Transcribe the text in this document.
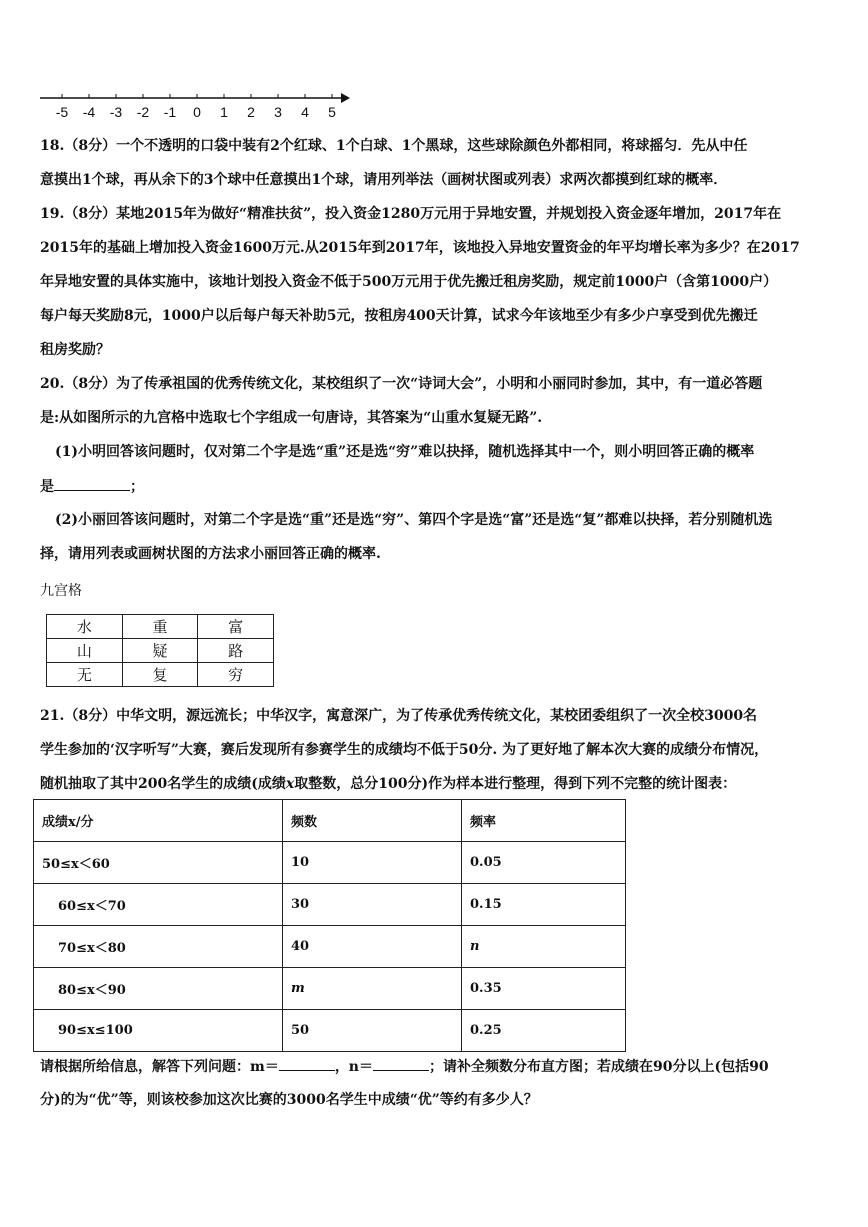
-5 -4 -3 -2 -1 0 1 2 3 4 5
18.（8分）一个不透明的口袋中装有2个红球、1个白球、1个黑球，这些球除颜色外都相同，将球摇匀．先从中任
意摸出1个球，再从余下的3个球中任意摸出1个球，请用列举法（画树状图或列表）求两次都摸到红球的概率．
19.（8分）某地2015年为做好“精准扶贫”，投入资金1280万元用于异地安置，并规划投入资金逐年增加，2017年在
2015年的基础上增加投入资金1600万元.从2015年到2017年，该地投入异地安置资金的年平均增长率为多少？在2017
年异地安置的具体实施中，该地计划投入资金不低于500万元用于优先搬迁租房奖励，规定前1000户（含第1000户）
每户每天奖励8元，1000户以后每户每天补助5元，按租房400天计算，试求今年该地至少有多少户享受到优先搬迁
租房奖励？
20.（8分）为了传承祖国的优秀传统文化，某校组织了一次“诗词大会”，小明和小丽同时参加，其中，有一道必答题
是:从如图所示的九宫格中选取七个字组成一句唐诗，其答案为“山重水复疑无路”.
(1)小明回答该问题时，仅对第二个字是选“重”还是选“穷”难以抉择，随机选择其中一个，则小明回答正确的概率
是	；
(2)小丽回答该问题时，对第二个字是选“重”还是选“穷”、第四个字是选“富”还是选“复”都难以抉择，若分别随机选
择，请用列表或画树状图的方法求小丽回答正确的概率.
九宫格
水	重	富
山	疑	路
无	复	穷
21.（8分）中华文明，源远流长；中华汉字，寓意深广，为了传承优秀传统文化，某校团委组织了一次全校3000名
学生参加的‘汉字听写”大赛，赛后发现所有参赛学生的成绩均不低于50分. 为了更好地了解本次大赛的成绩分布情况，
随机抽取了其中200名学生的成绩(成绩x取整数，总分100分)作为样本进行整理，得到下列不完整的统计图表：
成绩x/分	频数	频率
50≤x＜60	10	0.05
60≤x＜70	30	0.15
70≤x＜80	40	n
80≤x＜90	m	0.35
90≤x≤100	50	0.25
请根据所给信息，解答下列问题：m＝	，n＝	；请补全频数分布直方图；若成绩在90分以上(包括90
分)的为“优”等，则该校参加这次比赛的3000名学生中成绩“优”等约有多少人？
